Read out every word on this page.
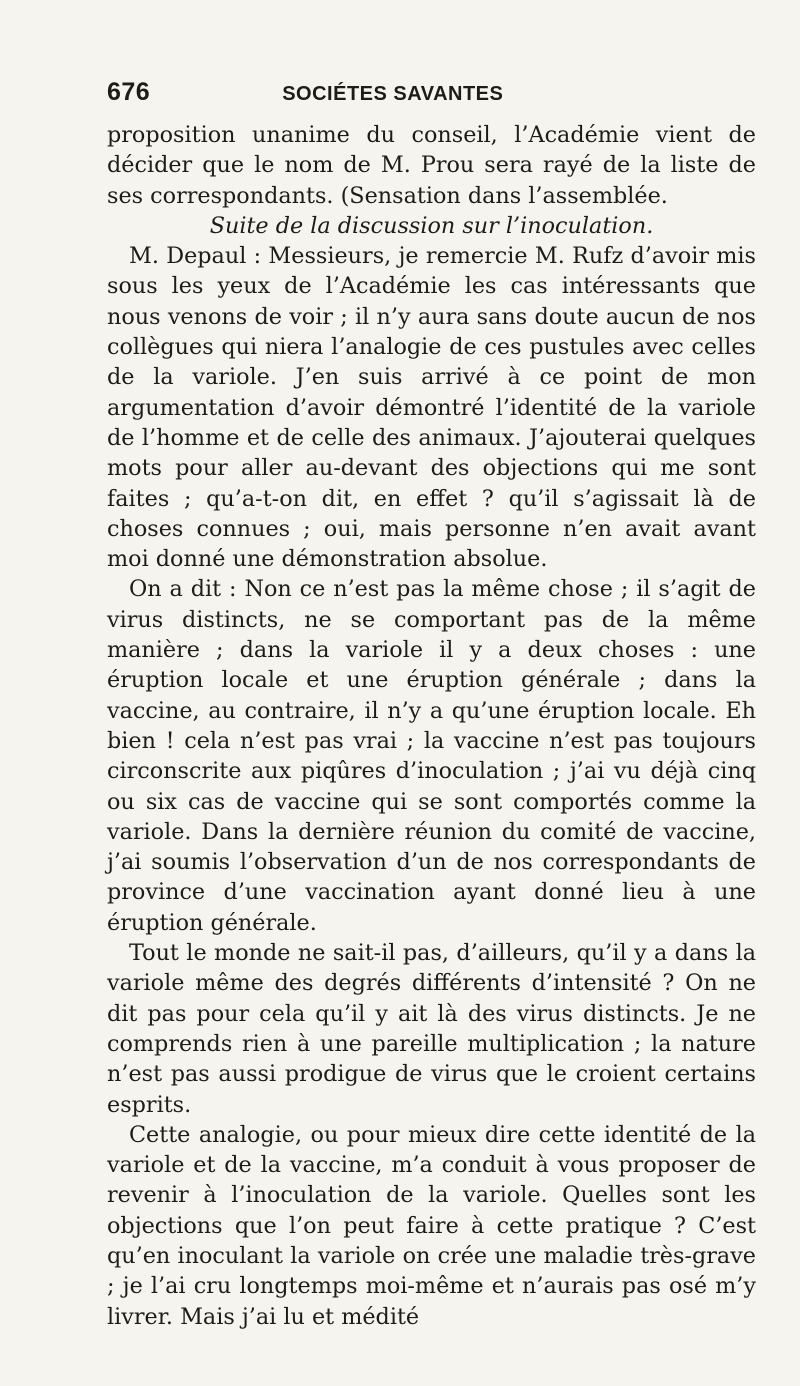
676	SOCIÉTES SAVANTES

proposition unanime du conseil, l’Académie vient de décider que le nom de M. Prou sera rayé de la liste de ses correspondants. (Sensation dans l’assemblée.

Suite de la discussion sur l’inoculation.

M. Depaul : Messieurs, je remercie M. Rufz d’avoir mis sous les yeux de l’Académie les cas intéressants que nous venons de voir ; il n’y aura sans doute aucun de nos collègues qui niera l’analogie de ces pustules avec celles de la variole. J’en suis arrivé à ce point de mon argumentation d’avoir démontré l’identité de la variole de l’homme et de celle des animaux. J’ajouterai quelques mots pour aller au-devant des objections qui me sont faites ; qu’a-t-on dit, en effet ? qu’il s’agissait là de choses connues ; oui, mais personne n’en avait avant moi donné une démonstration absolue.

On a dit : Non ce n’est pas la même chose ; il s’agit de virus distincts, ne se comportant pas de la même manière ; dans la variole il y a deux choses : une éruption locale et une éruption générale ; dans la vaccine, au contraire, il n’y a qu’une éruption locale. Eh bien ! cela n’est pas vrai ; la vaccine n’est pas toujours circonscrite aux piqûres d’inoculation ; j’ai vu déjà cinq ou six cas de vaccine qui se sont comportés comme la variole. Dans la dernière réunion du comité de vaccine, j’ai soumis l’observation d’un de nos correspondants de province d’une vaccination ayant donné lieu à une éruption générale.

Tout le monde ne sait-il pas, d’ailleurs, qu’il y a dans la variole même des degrés différents d’intensité ? On ne dit pas pour cela qu’il y ait là des virus distincts. Je ne comprends rien à une pareille multiplication ; la nature n’est pas aussi prodigue de virus que le croient certains esprits.

Cette analogie, ou pour mieux dire cette identité de la variole et de la vaccine, m’a conduit à vous proposer de revenir à l’inoculation de la variole. Quelles sont les objections que l’on peut faire à cette pratique ? C’est qu’en inoculant la variole on crée une maladie très-grave ; je l’ai cru longtemps moi-même et n’aurais pas osé m’y livrer. Mais j’ai lu et médité
